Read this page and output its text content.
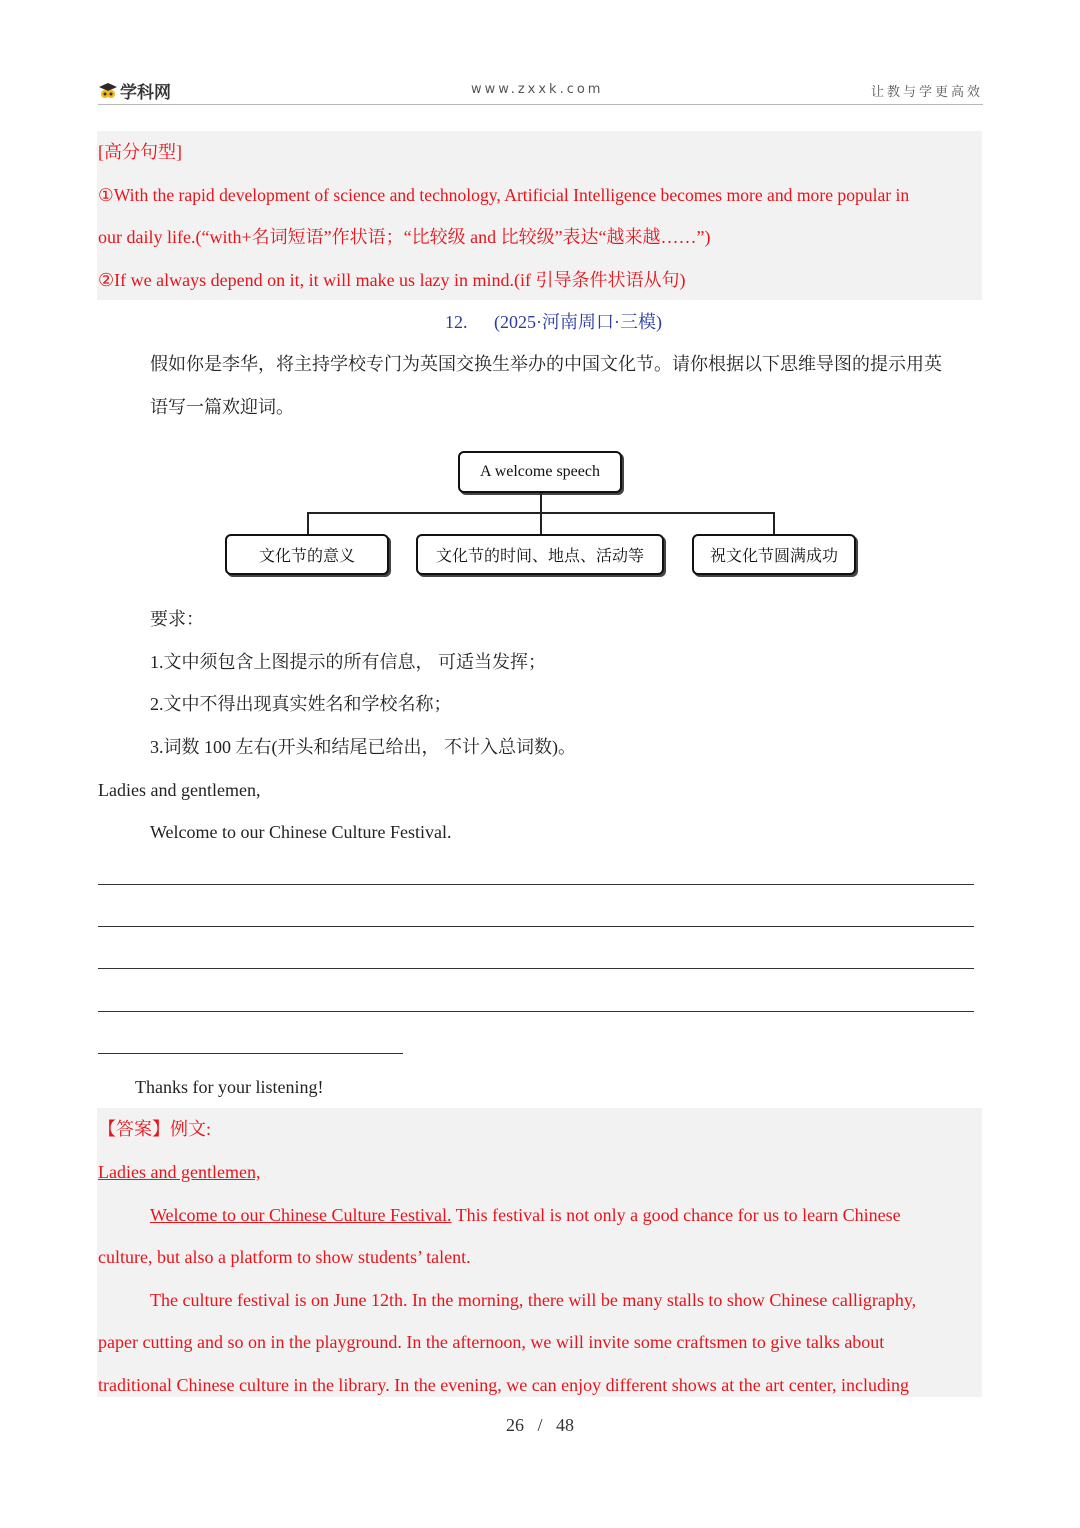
学科网	www.zxxk.com	让教与学更高效
[高分句型]
①With the rapid development of science and technology, Artificial Intelligence becomes more and more popular in
our daily life.(“with+名词短语”作状语；“比较级 and 比较级”表达“越来越……”)
②If we always depend on it, it will make us lazy in mind.(if 引导条件状语从句)
12. (2025·河南周口·三模)
假如你是李华，将主持学校专门为英国交换生举办的中国文化节。请你根据以下思维导图的提示用英
语写一篇欢迎词。
A welcome speech
文化节的意义	文化节的时间、地点、活动等	祝文化节圆满成功
要求：
1.文中须包含上图提示的所有信息， 可适当发挥；
2.文中不得出现真实姓名和学校名称；
3.词数 100 左右(开头和结尾已给出， 不计入总词数)。
Ladies and gentlemen,
Welcome to our Chinese Culture Festival.
Thanks for your listening!
【答案】例文:
Ladies and gentlemen,
Welcome to our Chinese Culture Festival. This festival is not only a good chance for us to learn Chinese
culture, but also a platform to show students’ talent.
The culture festival is on June 12th. In the morning, there will be many stalls to show Chinese calligraphy,
paper cutting and so on in the playground. In the afternoon, we will invite some craftsmen to give talks about
traditional Chinese culture in the library. In the evening, we can enjoy different shows at the art center, including
26 / 48
